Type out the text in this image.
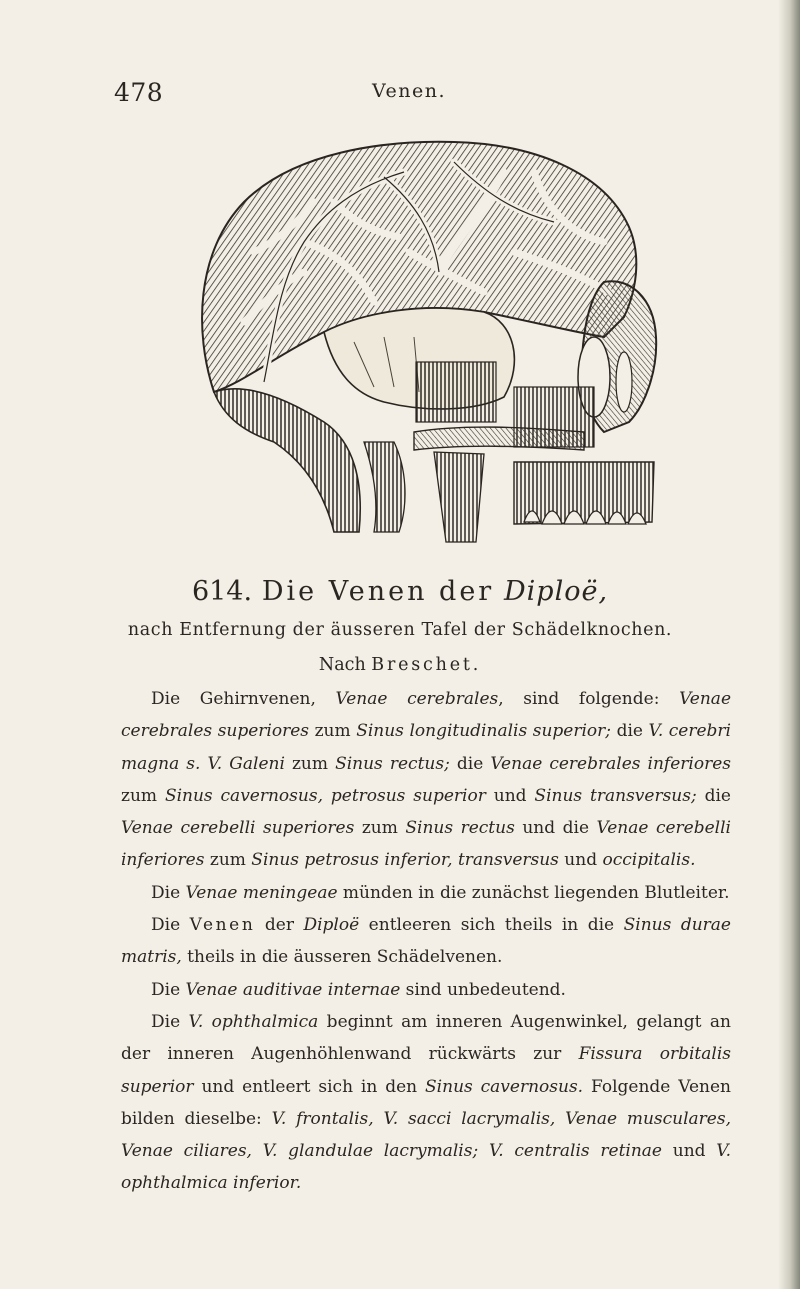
478	Venen.
614. Die Venen der Diploë,
nach Entfernung der äusseren Tafel der Schädelknochen.
Nach Breschet.

Die Gehirnvenen, Venae cerebrales, sind folgende: Venae cerebrales superiores zum Sinus longitudinalis superior; die V. cerebri magna s. V. Galeni zum Sinus rectus; die Venae cerebrales inferiores zum Sinus cavernosus, petrosus superior und Sinus transversus; die Venae cerebelli superiores zum Sinus rectus und die Venae cerebelli inferiores zum Sinus petrosus inferior, transversus und occipitalis.

Die Venae meningeae münden in die zunächst liegenden Blutleiter.

Die Venen der Diploë entleeren sich theils in die Sinus durae matris, theils in die äusseren Schädelvenen.

Die Venae auditivae internae sind unbedeutend.

Die V. ophthalmica beginnt am inneren Augenwinkel, gelangt an der inneren Augenhöhlenwand rückwärts zur Fissura orbitalis superior und entleert sich in den Sinus cavernosus. Folgende Venen bilden dieselbe: V. frontalis, V. sacci lacrymalis, Venae musculares, Venae ciliares, V. glandulae lacrymalis; V. centralis retinae und V. ophthalmica inferior.
